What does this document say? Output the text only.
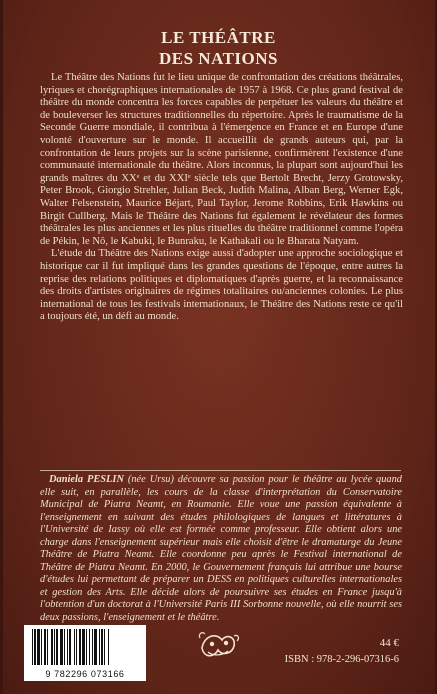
LE THÉÂTRE
DES NATIONS

Le Théâtre des Nations fut le lieu unique de confrontation des créations théâtrales, lyriques et chorégraphiques internationales de 1957 à 1968. Ce plus grand festival de théâtre du monde concentra les forces capables de perpétuer les valeurs du théâtre et de bouleverser les structures traditionnelles du répertoire. Après le traumatisme de la Seconde Guerre mondiale, il contribua à l'émergence en France et en Europe d'une volonté d'ouverture sur le monde. Il accueillit de grands auteurs qui, par la confrontation de leurs projets sur la scène parisienne, confirmèrent l'existence d'une communauté internationale du théâtre. Alors inconnus, la plupart sont aujourd'hui les grands maîtres du XXᵉ et du XXIᵉ siècle tels que Bertolt Brecht, Jerzy Grotowsky, Peter Brook, Giorgio Strehler, Julian Beck, Judith Malina, Alban Berg, Werner Egk, Walter Felsenstein, Maurice Béjart, Paul Taylor, Jerome Robbins, Erik Hawkins ou Birgit Cullberg. Mais le Théâtre des Nations fut également le révélateur des formes théâtrales les plus anciennes et les plus rituelles du théâtre traditionnel comme l'opéra de Pékin, le Nô, le Kabuki, le Bunraku, le Kathakali ou le Bharata Natyam.

L'étude du Théâtre des Nations exige aussi d'adopter une approche sociologique et historique car il fut impliqué dans les grandes questions de l'époque, entre autres la reprise des relations politiques et diplomatiques d'après guerre, et la reconnaissance des droits d'artistes originaires de régimes totalitaires ou/anciennes colonies. Le plus international de tous les festivals internationaux, le Théâtre des Nations reste ce qu'il a toujours été, un défi au monde.

Daniela PESLIN (née Ursu) découvre sa passion pour le théâtre au lycée quand elle suit, en parallèle, les cours de la classe d'interprétation du Conservatoire Municipal de Piatra Neamt, en Roumanie. Elle voue une passion équivalente à l'enseignement en suivant des études philologiques de langues et littératures à l'Université de Iassy où elle est formée comme professeur. Elle obtient alors une charge dans l'enseignement supérieur mais elle choisit d'être le dramaturge du Jeune Théâtre de Piatra Neamt. Elle coordonne peu après le Festival international de Théâtre de Piatra Neamt. En 2000, le Gouvernement français lui attribue une bourse d'études lui permettant de préparer un DESS en politiques culturelles internationales et gestion des Arts. Elle décide alors de poursuivre ses études en France jusqu'à l'obtention d'un doctorat à l'Université Paris III Sorbonne nouvelle, où elle nourrit ses deux passions, l'enseignement et le théâtre.

9 782296 073166
44 €
ISBN : 978-2-296-07316-6
